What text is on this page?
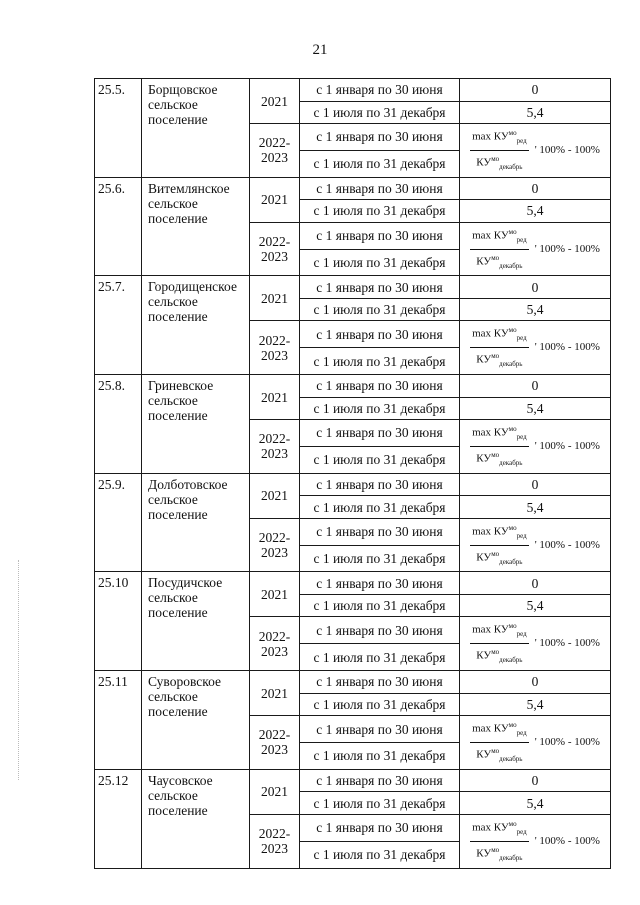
21
25.5.	Борщовское сельское поселение	2021	с 1 января по 30 июня	0
			с 1 июля по 31 декабря	5,4
		2022-2023	с 1 января по 30 июня	$\frac{\max КУ^{мо}_{ред}}{КУ^{мо}_{декабрь}}$ ' 100% - 100%

			с 1 июля по 31 декабря	
25.6.	Витемлянское сельское поселение	2021	с 1 января по 30 июня	0
			с 1 июля по 31 декабря	5,4
		2022-2023	с 1 января по 30 июня	$\frac{\max КУ^{мо}_{ред}}{КУ^{мо}_{декабрь}}$ ' 100% - 100%

			с 1 июля по 31 декабря	
25.7.	Городищенское сельское поселение	2021	с 1 января по 30 июня	0
			с 1 июля по 31 декабря	5,4
		2022-2023	с 1 января по 30 июня	$\frac{\max КУ^{мо}_{ред}}{КУ^{мо}_{декабрь}}$ ' 100% - 100%

			с 1 июля по 31 декабря	
25.8.	Гриневское сельское поселение	2021	с 1 января по 30 июня	0
			с 1 июля по 31 декабря	5,4
		2022-2023	с 1 января по 30 июня	$\frac{\max КУ^{мо}_{ред}}{КУ^{мо}_{декабрь}}$ ' 100% - 100%

			с 1 июля по 31 декабря	
25.9.	Долботовское сельское поселение	2021	с 1 января по 30 июня	0
			с 1 июля по 31 декабря	5,4
		2022-2023	с 1 января по 30 июня	$\frac{\max КУ^{мо}_{ред}}{КУ^{мо}_{декабрь}}$ ' 100% - 100%

			с 1 июля по 31 декабря	
25.10	Посудичское сельское поселение	2021	с 1 января по 30 июня	0
			с 1 июля по 31 декабря	5,4
		2022-2023	с 1 января по 30 июня	$\frac{\max КУ^{мо}_{ред}}{КУ^{мо}_{декабрь}}$ ' 100% - 100%

			с 1 июля по 31 декабря	
25.11	Суворовское сельское поселение	2021	с 1 января по 30 июня	0
			с 1 июля по 31 декабря	5,4
		2022-2023	с 1 января по 30 июня	$\frac{\max КУ^{мо}_{ред}}{КУ^{мо}_{декабрь}}$ ' 100% - 100%

			с 1 июля по 31 декабря	
25.12	Чаусовское сельское поселение	2021	с 1 января по 30 июня	0
			с 1 июля по 31 декабря	5,4
		2022-2023	с 1 января по 30 июня	$\frac{\max КУ^{мо}_{ред}}{КУ^{мо}_{декабрь}}$ ' 100% - 100%

			с 1 июля по 31 декабря	
